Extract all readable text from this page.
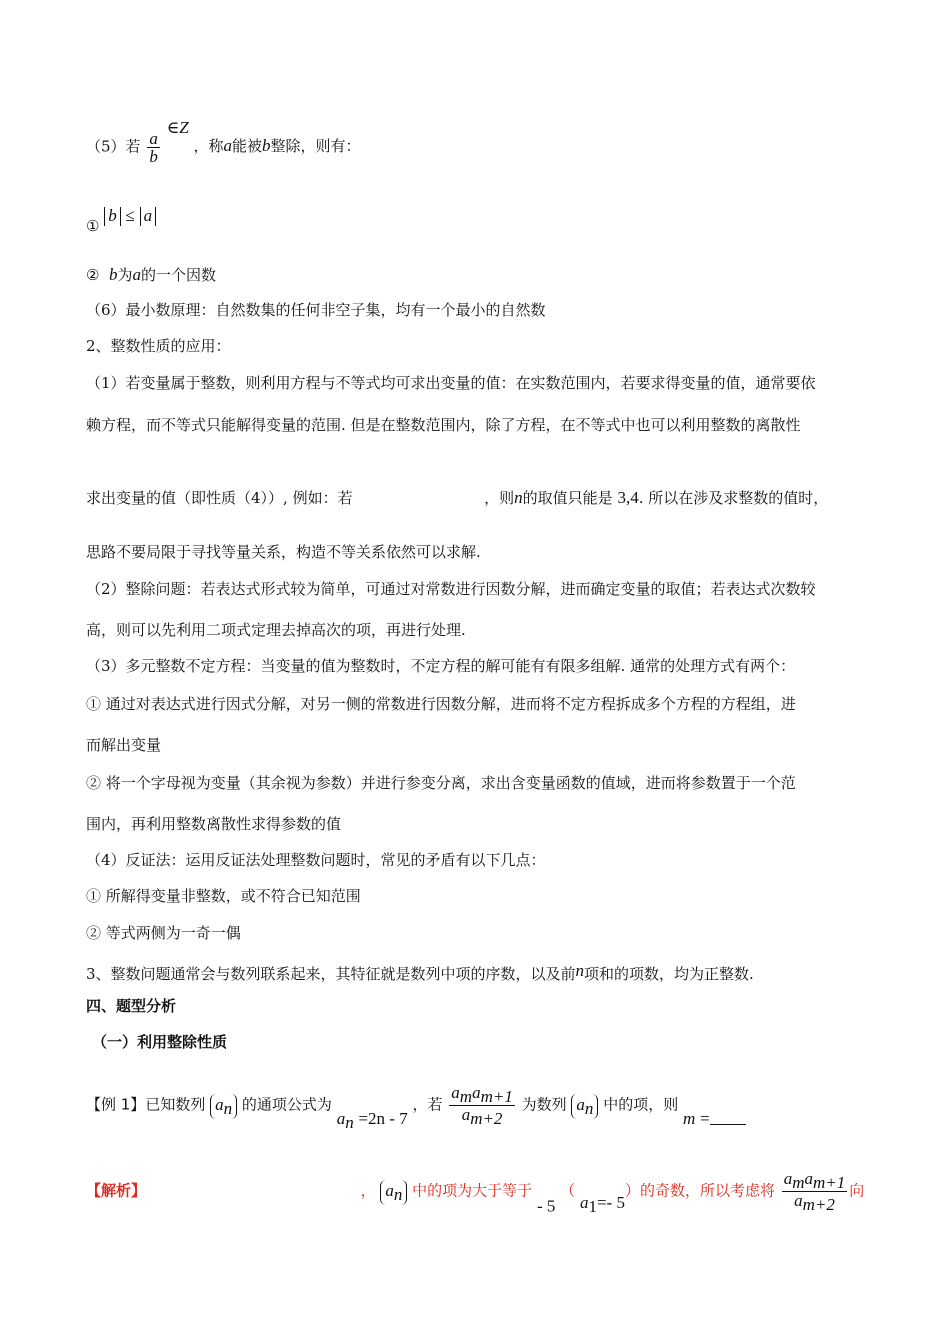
（5）若 $\frac{a}{b}$
∈Z ，称a能被b整除，则有：
① b ≤ a
② b为a的一个因数
（6）最小数原理：自然数集的任何非空子集，均有一个最小的自然数
2、整数性质的应用：
（1）若变量属于整数，则利用方程与不等式均可求出变量的值：在实数范围内，若要求得变量的值，通常要依
赖方程，而不等式只能解得变量的范围. 但是在整数范围内，除了方程，在不等式中也可以利用整数的离散性
求出变量的值（即性质（4））, 例如：若	，则n的取值只能是 3,4. 所以在涉及求整数的值时，
思路不要局限于寻找等量关系，构造不等关系依然可以求解.
（2）整除问题：若表达式形式较为简单，可通过对常数进行因数分解，进而确定变量的取值；若表达式次数较
高，则可以先利用二项式定理去掉高次的项，再进行处理.
（3）多元整数不定方程：当变量的值为整数时，不定方程的解可能有有限多组解. 通常的处理方式有两个：
① 通过对表达式进行因式分解，对另一侧的常数进行因数分解，进而将不定方程拆成多个方程的方程组，进
而解出变量
② 将一个字母视为变量（其余视为参数）并进行参变分离，求出含变量函数的值域，进而将参数置于一个范
围内，再利用整数离散性求得参数的值
（4）反证法：运用反证法处理整数问题时，常见的矛盾有以下几点：
① 所解得变量非整数，或不符合已知范围
② 等式两侧为一奇一偶
3、整数问题通常会与数列联系起来，其特征就是数列中项的序数，以及前n项和的项数，均为正整数.
四、题型分析
（一）利用整除性质
【例 1】已知数列 $a_n$ 的通项公式为 $a_n =2n - 7$ ，若 $\frac{a_ma_{m+1}}{a_{m+2}}$ 为数列 $a_n$ 中的项，则 m =
【解析】	， $a_n$ 中的项为大于等于 - 5 （ $a_1=-$ 5）的奇数，所以考虑将 $\frac{a_ma_{m+1}}{a_{m+2}}$ 向
